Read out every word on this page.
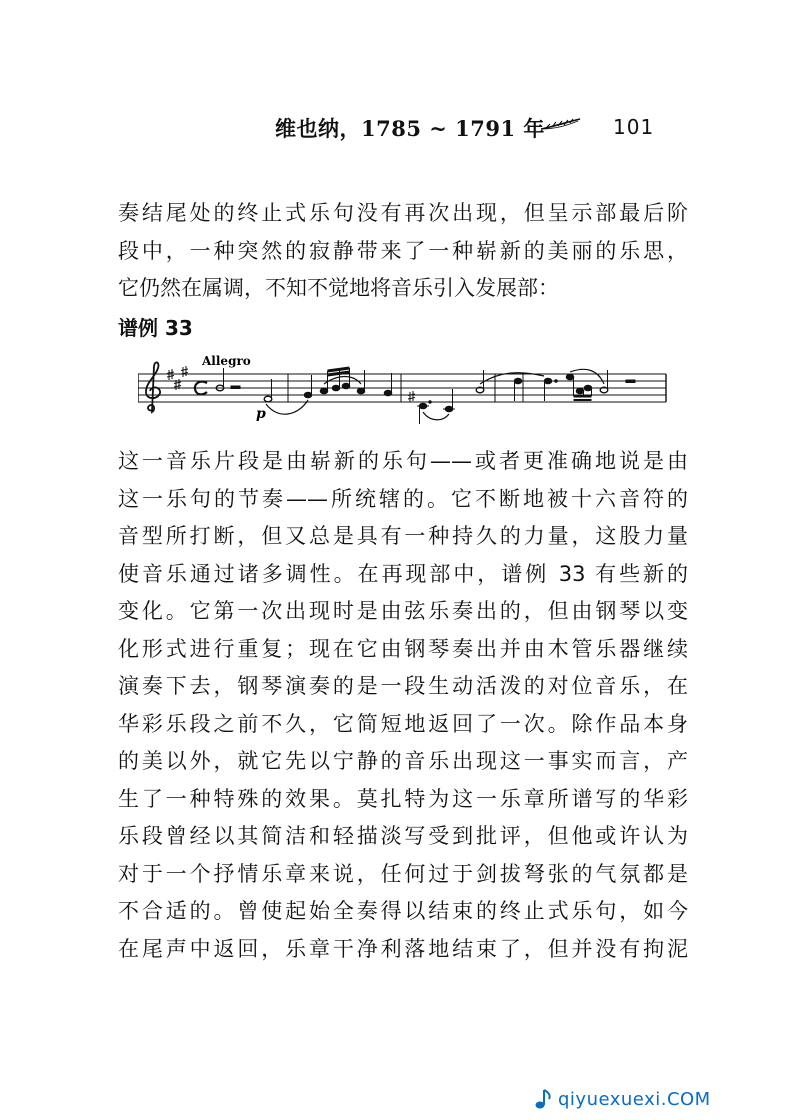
维也纳，1785 ~ 1791 年	101
奏结尾处的终止式乐句没有再次出现，但呈示部最后阶
段中，一种突然的寂静带来了一种崭新的美丽的乐思，
它仍然在属调，不知不觉地将音乐引入发展部：
谱例 33
Allegro
p
这一音乐片段是由崭新的乐句——或者更准确地说是由
这一乐句的节奏——所统辖的。它不断地被十六音符的
音型所打断，但又总是具有一种持久的力量，这股力量
使音乐通过诸多调性。在再现部中，谱例 33 有些新的
变化。它第一次出现时是由弦乐奏出的，但由钢琴以变
化形式进行重复；现在它由钢琴奏出并由木管乐器继续
演奏下去，钢琴演奏的是一段生动活泼的对位音乐，在
华彩乐段之前不久，它简短地返回了一次。除作品本身
的美以外，就它先以宁静的音乐出现这一事实而言，产
生了一种特殊的效果。莫扎特为这一乐章所谱写的华彩
乐段曾经以其简洁和轻描淡写受到批评，但他或许认为
对于一个抒情乐章来说，任何过于剑拔弩张的气氛都是
不合适的。曾使起始全奏得以结束的终止式乐句，如今
在尾声中返回，乐章干净利落地结束了，但并没有拘泥
qiyuexuexi.COM
